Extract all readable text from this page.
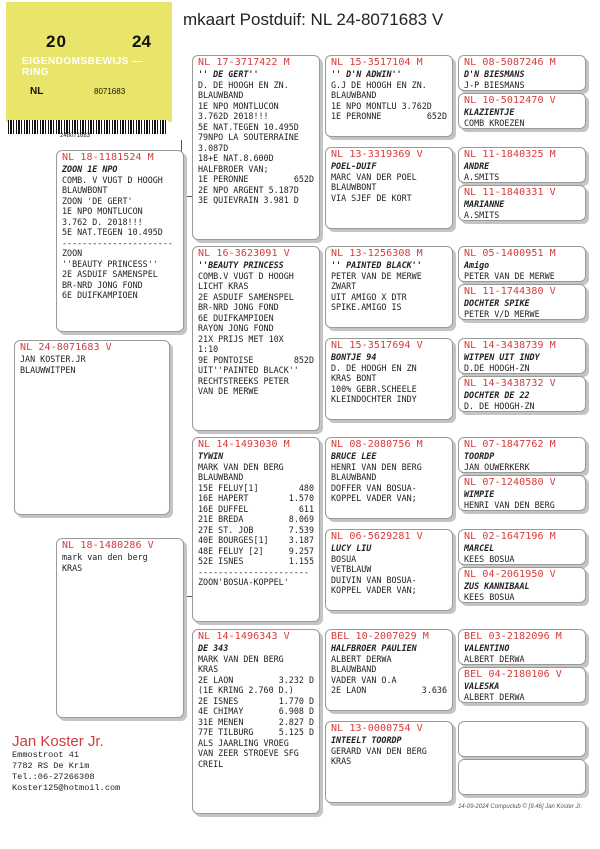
mkaart Postduif: NL 24-8071683 V
20	24
EIGENDOMSBEWIJS — RING
NL	8071683
248071683
NL 24-8071683 V
JAN KOSTER.JR
BLAUWWITPEN
NL 18-1181524 M
ZOON 1E NPO
COMB. V VUGT D HOOGH
BLAUWBONT
ZOON 'DE GERT'
1E NPO MONTLUCON
3.762 D. 2018!!!
5E NAT.TEGEN 10.495D
----------------------
ZOON
''BEAUTY PRINCESS''
2E ASDUIF SAMENSPEL
BR-NRD JONG FOND
6E DUIFKAMPIOEN
NL 18-1480286 V
mark van den berg
KRAS
NL 17-3717422 M
'' DE GERT''
D. DE HOOGH EN ZN.
BLAUWBAND
1E NPO MONTLUCON
3.762D 2018!!!
5E NAT.TEGEN 10.495D
79NPO LA SOUTERRAINE
3.087D
18+E NAT.8.600D
HALFBROER VAN;
1E PERONNE	652D
2E NPO ARGENT 5.187D
3E QUIEVRAIN 3.981 D
NL 16-3623091 V
''BEAUTY PRINCESS
COMB.V VUGT D HOOGH
LICHT KRAS
2E ASDUIF SAMENSPEL
BR-NRD JONG FOND
6E DUIFKAMPIOEN
RAYON JONG FOND
21X PRIJS MET 10X
1:10
9E PONTOISE	852D
UIT''PAINTED BLACK''
RECHTSTREEKS PETER
VAN DE MERWE
NL 14-1493030 M
TYWIN
MARK VAN DEN BERG
BLAUWBAND
15E FELUY[1]	480
16E HAPERT	1.570
16E DUFFEL	611
21E BREDA	8.069
27E ST. JOB	7.539
40E BOURGES[1] 3.187
48E FELUY [2]	9.257
52E ISNES	1.155
----------------------
ZOON'BOSUA-KOPPEL'
NL 14-1496343 V
DE 343
MARK VAN DEN BERG
KRAS
2E LAON	3.232 D
(1E KRING 2.760 D.)
2E ISNES	1.770 D
4E CHIMAY	6.908 D
31E MENEN	2.827 D
77E TILBURG	5.125 D
ALS JAARLING VROEG
VAN ZEER STROEVE SFG
CREIL
NL 15-3517104 M
'' D'N ADWIN''
G.J DE HOOGH EN ZN.
BLAUWBAND
1E NPO MONTLU 3.762D
1E PERONNE	652D
NL 13-3319369 V
POEL-DUIF
MARC VAN DER POEL
BLAUWBONT
VIA SJEF DE KORT
NL 13-1256308 M
'' PAINTED BLACK''
PETER VAN DE MERWE
ZWART
UIT AMIGO X DTR
SPIKE.AMIGO IS
NL 15-3517694 V
BONTJE 94
D. DE HOOGH EN ZN
KRAS BONT
100% GEBR.SCHEELE
KLEINDOCHTER INDY
NL 08-2080756 M
BRUCE LEE
HENRI VAN DEN BERG
BLAUWBAND
DOFFER VAN BOSUA-
KOPPEL VADER VAN;
NL 06-5629281 V
LUCY LIU
BOSUA
VETBLAUW
DUIVIN VAN BOSUA-
KOPPEL VADER VAN;
BEL 10-2007029 M
HALFBROER PAULIEN
ALBERT DERWA
BLAUWBAND
VADER VAN O.A
2E LAON	3.636
NL 13-0000754 V
INTEELT TOORDP
GERARD VAN DEN BERG
KRAS
NL 08-5087246 M
D'N BIESMANS
J-P BIESMANS
NL 10-5012470 V
KLAZIENTJE
COMB KROEZEN
NL 11-1840325 M
ANDRE
A.SMITS
NL 11-1840331 V
MARIANNE
A.SMITS
NL 05-1400951 M
Amigo
PETER VAN DE MERWE
NL 11-1744380 V
DOCHTER SPIKE
PETER V/D MERWE
NL 14-3438739 M
WITPEN UIT INDY
D.DE HOOGH-ZN
NL 14-3438732 V
DOCHTER DE 22
D. DE HOOGH-ZN
NL 07-1847762 M
TOORDP
JAN OUWERKERK
NL 07-1240580 V
WIMPIE
HENRI VAN DEN BERG
NL 02-1647196 M
MARCEL
KEES BOSUA
NL 04-2061950 V
ZUS KANNIBAAL
KEES BOSUA
BEL 03-2182096 M
VALENTINO
ALBERT DERWA
BEL 04-2180106 V
VALESKA
ALBERT DERWA
Jan Koster Jr.
Emmostroot 41
7782 RS De Krim
Tel.:06-27266308
Koster125@hotmoil.com
14-09-2024 Compuclub © [9.46] Jan Koster Jr.
